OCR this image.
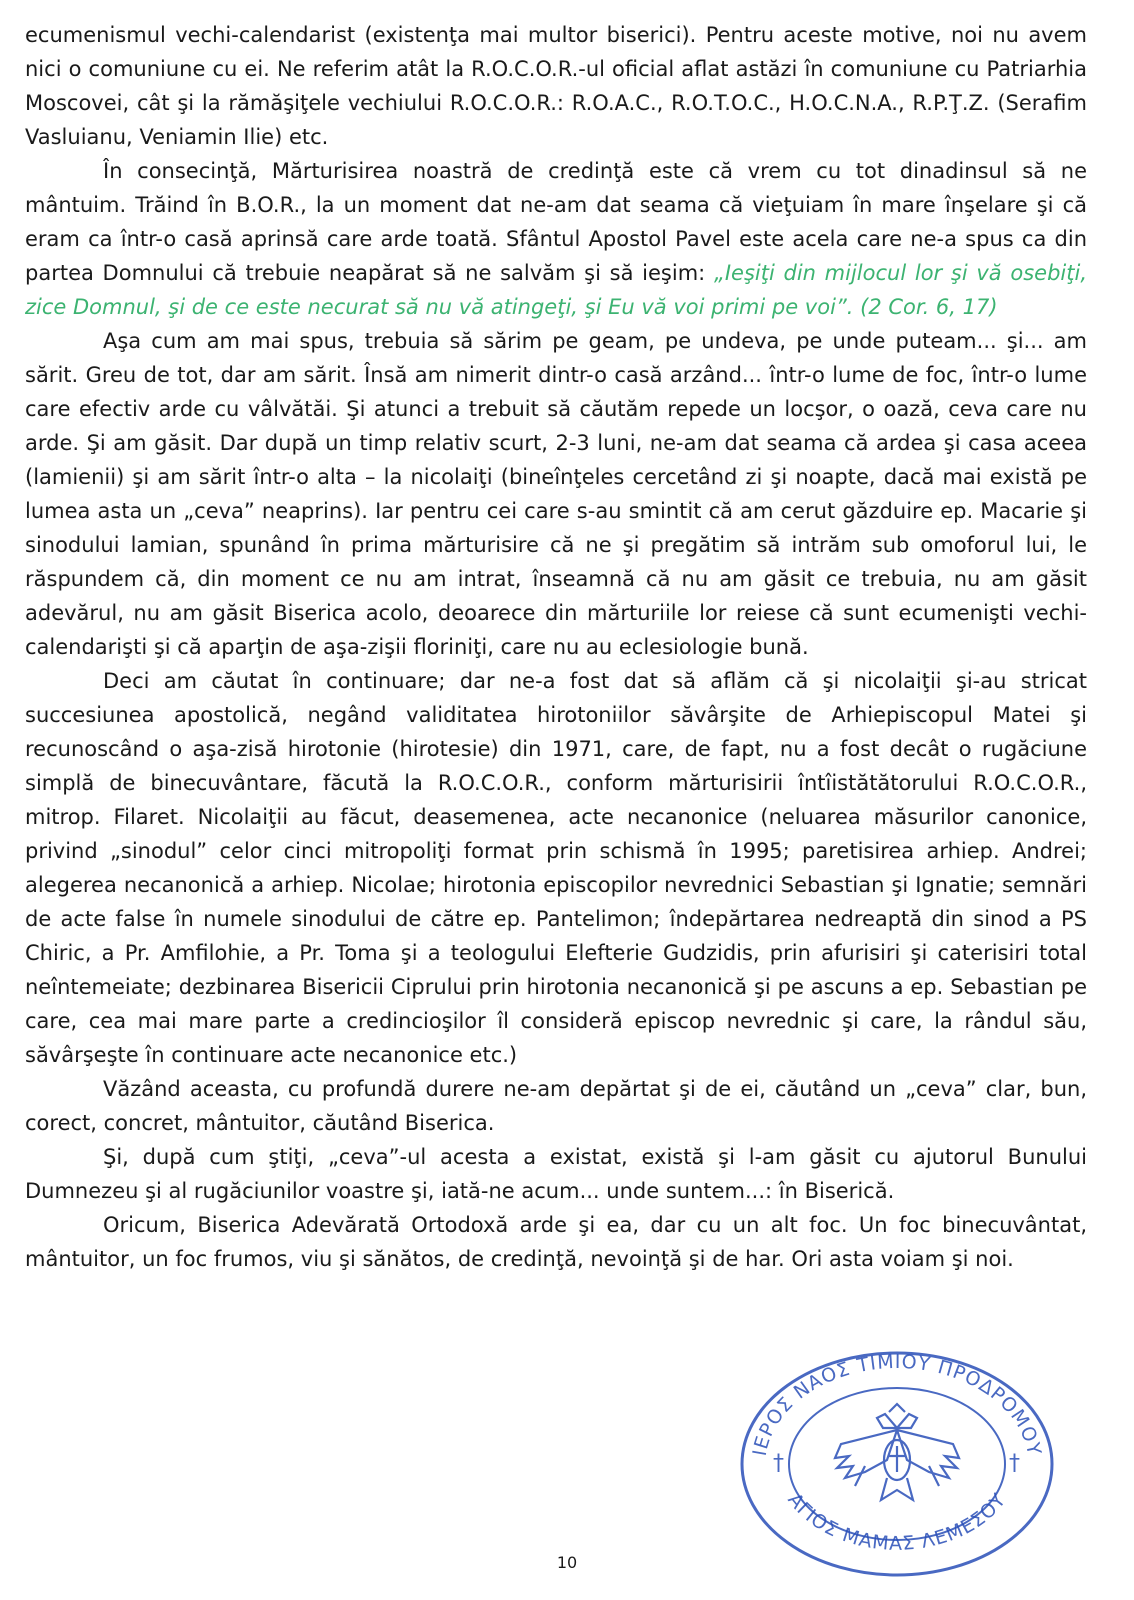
ecumenismul vechi-calendarist (existenţa mai multor biserici). Pentru aceste motive, noi nu avem nici o comuniune cu ei. Ne referim atât la R.O.C.O.R.-ul oficial aflat astăzi în comuniune cu Patriarhia Moscovei, cât şi la rămăşiţele vechiului R.O.C.O.R.: R.O.A.C., R.O.T.O.C., H.O.C.N.A., R.P.Ţ.Z. (Serafim Vasluianu, Veniamin Ilie) etc.

În consecinţă, Mărturisirea noastră de credinţă este că vrem cu tot dinadinsul să ne mântuim. Trăind în B.O.R., la un moment dat ne-am dat seama că vieţuiam în mare înşelare şi că eram ca într-o casă aprinsă care arde toată. Sfântul Apostol Pavel este acela care ne-a spus ca din partea Domnului că trebuie neapărat să ne salvăm şi să ieşim: „Ieşiţi din mijlocul lor şi vă osebiţi, zice Domnul, şi de ce este necurat să nu vă atingeţi, şi Eu vă voi primi pe voi”. (2 Cor. 6, 17)

Aşa cum am mai spus, trebuia să sărim pe geam, pe undeva, pe unde puteam... şi... am sărit. Greu de tot, dar am sărit. Însă am nimerit dintr-o casă arzând... într-o lume de foc, într-o lume care efectiv arde cu vâlvătăi. Şi atunci a trebuit să căutăm repede un locşor, o oază, ceva care nu arde. Şi am găsit. Dar după un timp relativ scurt, 2-3 luni, ne-am dat seama că ardea şi casa aceea (lamienii) şi am sărit într-o alta – la nicolaiţi (bineînţeles cercetând zi şi noapte, dacă mai există pe lumea asta un „ceva” neaprins). Iar pentru cei care s-au smintit că am cerut găzduire ep. Macarie şi sinodului lamian, spunând în prima mărturisire că ne şi pregătim să intrăm sub omoforul lui, le răspundem că, din moment ce nu am intrat, înseamnă că nu am găsit ce trebuia, nu am găsit adevărul, nu am găsit Biserica acolo, deoarece din mărturiile lor reiese că sunt ecumenişti vechi-calendarişti şi că aparţin de aşa-zişii floriniţi, care nu au eclesiologie bună.

Deci am căutat în continuare; dar ne-a fost dat să aflăm că şi nicolaiţii şi-au stricat succesiunea apostolică, negând validitatea hirotoniilor săvârşite de Arhiepiscopul Matei şi recunoscând o aşa-zisă hirotonie (hirotesie) din 1971, care, de fapt, nu a fost decât o rugăciune simplă de binecuvântare, făcută la R.O.C.O.R., conform mărturisirii întîistătătorului R.O.C.O.R., mitrop. Filaret. Nicolaiţii au făcut, deasemenea, acte necanonice (neluarea măsurilor canonice, privind „sinodul” celor cinci mitropoliţi format prin schismă în 1995; paretisirea arhiep. Andrei; alegerea necanonică a arhiep. Nicolae; hirotonia episcopilor nevrednici Sebastian şi Ignatie; semnări de acte false în numele sinodului de către ep. Pantelimon; îndepărtarea nedreaptă din sinod a PS Chiric, a Pr. Amfilohie, a Pr. Toma şi a teologului Elefterie Gudzidis, prin afurisiri şi caterisiri total neîntemeiate; dezbinarea Bisericii Ciprului prin hirotonia necanonică şi pe ascuns a ep. Sebastian pe care, cea mai mare parte a credincioşilor îl consideră episcop nevrednic şi care, la rândul său, săvârşeşte în continuare acte necanonice etc.)

Văzând aceasta, cu profundă durere ne-am depărtat şi de ei, căutând un „ceva” clar, bun, corect, concret, mântuitor, căutând Biserica.

Şi, după cum ştiţi, „ceva”-ul acesta a existat, există şi l-am găsit cu ajutorul Bunului Dumnezeu şi al rugăciunilor voastre şi, iată-ne acum... unde suntem...: în Biserică.

Oricum, Biserica Adevărată Ortodoxă arde şi ea, dar cu un alt foc. Un foc binecuvântat, mântuitor, un foc frumos, viu şi sănătos, de credinţă, nevoinţă şi de har. Ori asta voiam şi noi.

10
ΙΕΡΟΣ ΝΑΟΣ ΤΙΜΙΟΥ ΠΡΟΔΡΟΜΟΥ
ΑΓΙΟΣ ΜΑΜΑΣ ΛΕΜΕΣΟΥ
†	†
